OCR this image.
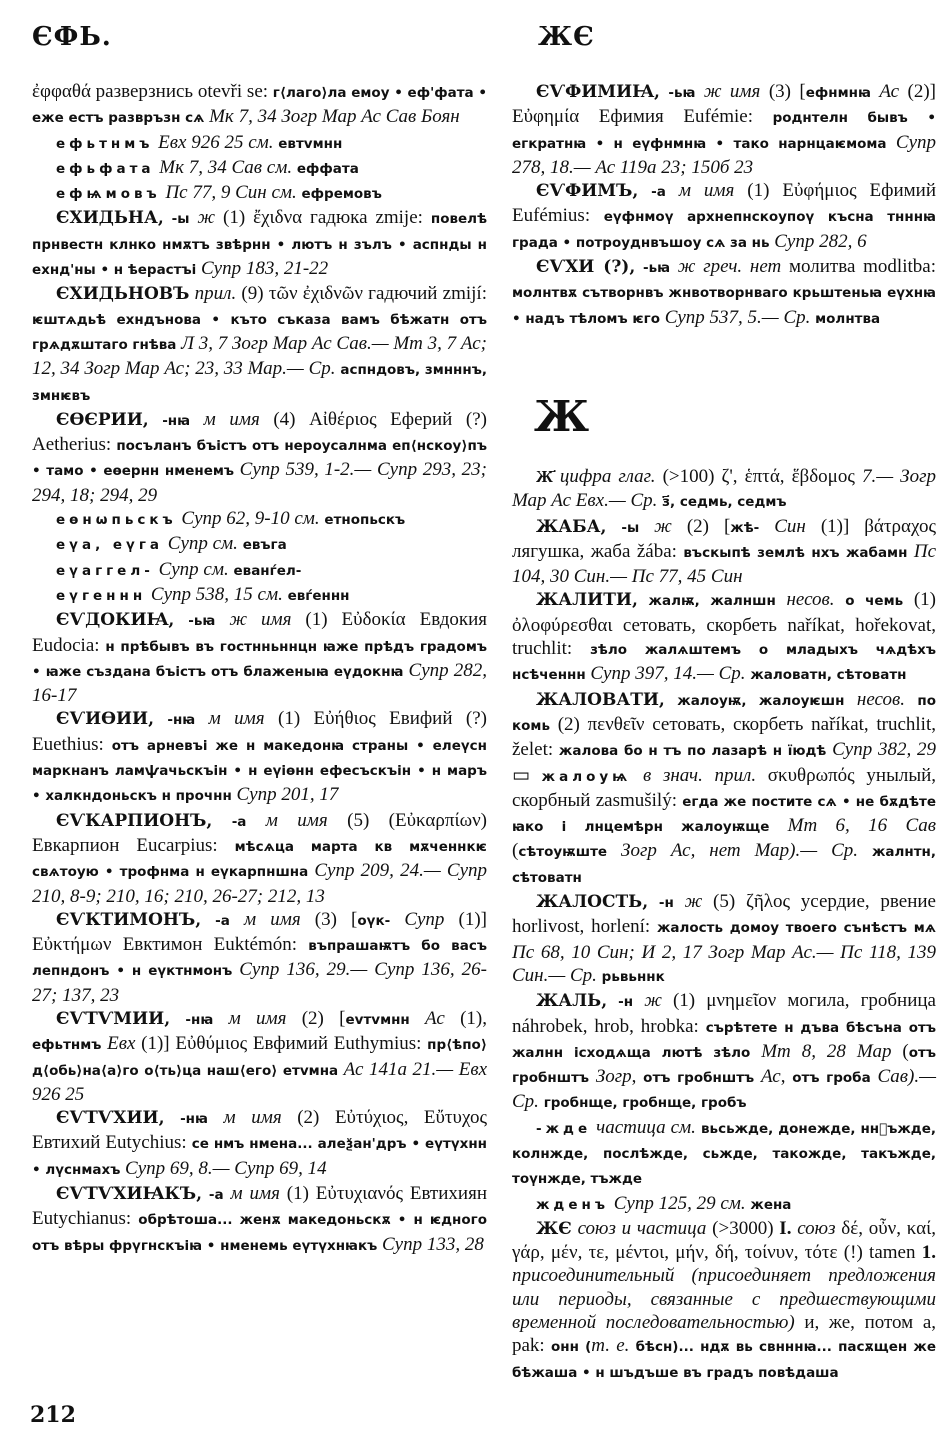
ЄФЬ.	ЖЄ

ἐφφαθά разверзнись otevři se: г⟨лаго⟩ла емоу • еф'фата • еже естъ развръзн сѧ Мк 7, 34 Зогр Мар Ас Сав Боян

ефьтнмъ Евх 926 25 см. евтvмнн

ефьфата Мк 7, 34 Сав см. еффата

ефѩмовъ Пс 77, 9 Син см. ефремовъ

ЄХИДЬНА, -ы ж (1) ἔχιδνα гадюка zmije: повелѣ прнвестн клнко нмѫтъ звѣрнн • лютъ н зълъ • аспнды н ехнд'ны • н ѣерастъі Супр 183, 21-22

ЄХИДЬНОВЪ прил. (9) τῶν ἐχιδνῶν гадючий zmijí: ѥштѧдьѣ ехндънова • къто съказа вамъ бѣжатн отъ грѧдѫштаго гнѣва Л 3, 7 Зогр Мар Ас Сав.— Мт 3, 7 Ас; 12, 34 Зогр Мар Ас; 23, 33 Мар.— Ср. аспндовъ, змнннъ, змнѥвъ

ЄѲЄРИИ, -нꙗ м имя (4) Αἰθέριος Еферий (?) Aetherius: посъланъ бъістъ отъ нероусалнма еп⟨нскоу⟩пъ • тамо • еѳернн нменемъ Супр 539, 1-2.— Супр 293, 23; 294, 18; 294, 29

еѳнωпьскъ Супр 62, 9-10 см. етнопьскъ

еүа, еүга Супр см. евъга

еүаггел- Супр см. еванѓел-

еүгеннн Супр 538, 15 см. евѓеннн

ЄѴДОКИꙖ, -ьꙗ ж имя (1) Εὐδοκία Евдокия Eudocia: н прѣбывъ въ гостнньннцн ꙗже прѣдъ градомъ • ꙗже създана бъістъ отъ блаженыꙗ еүдокнꙗ Супр 282, 16-17

ЄѴИѲИИ, -нꙗ м имя (1) Εὐήθιος Евифий (?) Euethius: отъ арневъі же н македонꙗ страны • елеүсн маркнанъ ламѱачьскъін • н еүіѳнн ефесъскъін • н маръ • халкндоньскъ н прочнн Супр 201, 17

ЄѴКАРПИОНЪ, -а м имя (5) (Εὐκαρπίων) Евкарпион Eucarpius: мѣсѧца марта кв мѫченнкѥ свѧтоую • трофнма н еүкарпншна Супр 209, 24.— Супр 210, 8-9; 210, 16; 210, 26-27; 212, 13

ЄѴКТИМОНЪ, -а м имя (3) [оүк- Супр (1)] Εὐκτήμων Евктимон Euktémón: въпрашаѭтъ бо васъ лепндонъ • н еүктнмонъ Супр 136, 29.— Супр 136, 26-27; 137, 23

ЄѴТѴМИИ, -нꙗ м имя (2) [еvтvмнн Ас (1), ефьтнмъ Евх (1)] Εὐθύμιος Евфимий Euthymius: пр⟨ѣпо⟩д⟨обь⟩на⟨а⟩го о⟨ть⟩ца наш⟨его⟩ етvмна Ас 141а 21.— Евх 926 25

ЄѴТѴХИИ, -нꙗ м имя (2) Εὐτύχιος, Εὔτυχος Евтихий Eutychius: се нмъ нмена... алеѯан'дръ • еүтүхнн • лүснмахъ Супр 69, 8.— Супр 69, 14

ЄѴТѴХИꙖКЪ, -а м имя (1) Εὐτυχιανός Евтихиян Eutychianus: обрѣтоша... женѫ македоньскѫ • н ѥдного отъ вѣры фрүгнскъіꙗ • нменемь еүтүхнꙗкъ Супр 133, 28

ЄѴФИМИꙖ, -ьꙗ ж имя (3) [ефнмнꙗ Ас (2)] Εὐφημία Ефимия Eufémie: роднтелн бывъ • егкратнꙗ • н еүфнмнꙗ • тако нарнцаѥмома Супр 278, 18.— Ас 119а 23; 150б 23

ЄѴФИМЪ, -а м имя (1) Εὐφήμιος Ефимий Eufémius: еүфнмоү архнепнскоупоү късна тнннꙗ града • потроуднвъшоу сѧ за нь Супр 282, 6

ЄѴХИ (?), -ьꙗ ж греч. нет молитва modlitba: молнтвѫ сътворнвъ жнвотворнваго крьштеньꙗ еүхнꙗ • надъ тѣломъ ѥго Супр 537, 5.— Ср. молнтва

Ж

Ж҃ цифра глаг. (>100) ζ', ἑπτά, ἕβδομος 7.— Зогр Мар Ас Евх.— Ср. з҃, седмь, седмъ

ЖАБА, -ы ж (2) [жѣ- Син (1)] βάτραχος лягушка, жаба žába: въскыпѣ землѣ нхъ жабамн Пс 104, 30 Син.— Пс 77, 45 Син

ЖАЛИТИ, жалѭ, жалншн несов. о чемь (1) ὀλοφύρεσθαι сетовать, скорбеть naříkat, hořekovat, truchlit: зѣло жалѧштемъ о младыхъ чѧдѣхъ нсѣченнн Супр 397, 14.— Ср. жаловатн, сѣтоватн

ЖАЛОВАТИ, жалоуѭ, жалоуѥшн несов. по комь (2) πενθεῖν сетовать, скорбеть naříkat, truchlit, želet: жалова бо н тъ по лазарѣ н їюдѣ Супр 382, 29 ▭ жалоуѩ в знач. прил. σκυθρωπός унылый, скорбный zasmušilý: егда же поститe сѧ • не бѫдѣте ꙗко і лнцемѣрн жалоуѭще Мт 6, 16 Сав (сѣтоуѭште Зогр Ас, нет Мар).— Ср. жалнтн, сѣтоватн

ЖАЛОСТЬ, -н ж (5) ζῆλος усердие, рвение horlivost, horlení: жалость домоу твоего сънѣстъ мѧ Пс 68, 10 Син; И 2, 17 Зогр Мар Ас.— Пс 118, 139 Син.— Ср. рьвьннк

ЖАЛЬ, -н ж (1) μνημεῖον могила, гробница náhrobek, hrob, hrobka: сърѣтете н дъва бѣсъна отъ жалнн ісходѧща лютѣ зѣло Мт 8, 28 Мар (отъ гробнштъ Зогр, отъ гробнштъ Ас, отъ гроба Сав).— Ср. гробнще, гробнще, гробъ

-жде частица см. вьсьжде, донеждe, нн꙼ъжде, колнжде, послѣжде, сьжде, такожде, такъжде, тоүнжде, тъжде

жденъ Супр 125, 29 см. жена

ЖЄ союз и частица (>3000) I. союз δέ, οὖν, καί, γάρ, μέν, τε, μέντοι, μήν, δή, τοίνυν, τότε (!) tamen 1. присоединительный (присоединяет предложения или периоды, связанные с предшествующими временной последовательностью) и, же, потом a, pak: онн (т. е. бѣсн)... ндѫ вь свнннꙗ... пасѫщен же бѣжаша • н шъдъше въ градъ повѣдаша

212
